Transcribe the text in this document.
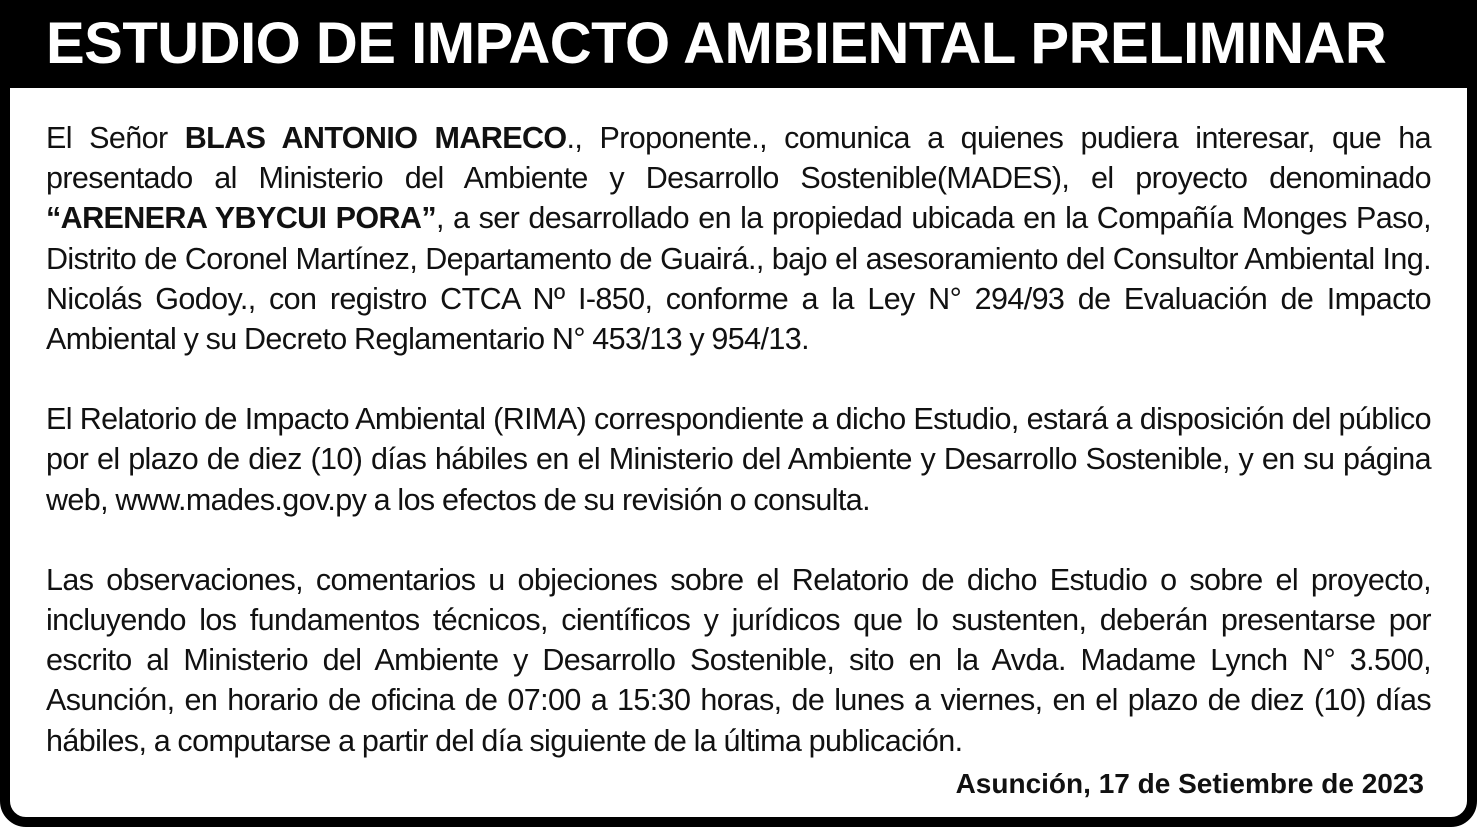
ESTUDIO DE IMPACTO AMBIENTAL PRELIMINAR

El Señor BLAS ANTONIO MARECO., Proponente., comunica a quienes pudiera interesar, que ha presentado al Ministerio del Ambiente y Desarrollo Sostenible(MADES), el proyecto denominado “ARENERA YBYCUI PORA”, a ser desarrollado en la propiedad ubicada en la Compañía Monges Paso, Distrito de Coronel Martínez, Departamento de Guairá., bajo el asesoramiento del Consultor Ambiental Ing. Nicolás Godoy., con registro CTCA Nº I-850, conforme a la Ley N° 294/93 de Evaluación de Impacto Ambiental y su Decreto Reglamentario N° 453/13 y 954/13.

El Relatorio de Impacto Ambiental (RIMA) correspondiente a dicho Estudio, estará a disposición del público por el plazo de diez (10) días hábiles en el Ministerio del Ambiente y Desarrollo Sostenible, y en su página web, www.mades.gov.py a los efectos de su revisión o consulta.

Las observaciones, comentarios u objeciones sobre el Relatorio de dicho Estudio o sobre el proyecto, incluyendo los fundamentos técnicos, científicos y jurídicos que lo sustenten, deberán presentarse por escrito al Ministerio del Ambiente y Desarrollo Sostenible, sito en la Avda. Madame Lynch N° 3.500, Asunción, en horario de oficina de 07:00 a 15:30 horas, de lunes a viernes, en el plazo de diez (10) días hábiles, a computarse a partir del día siguiente de la última publicación.

Asunción, 17 de Setiembre de 2023
